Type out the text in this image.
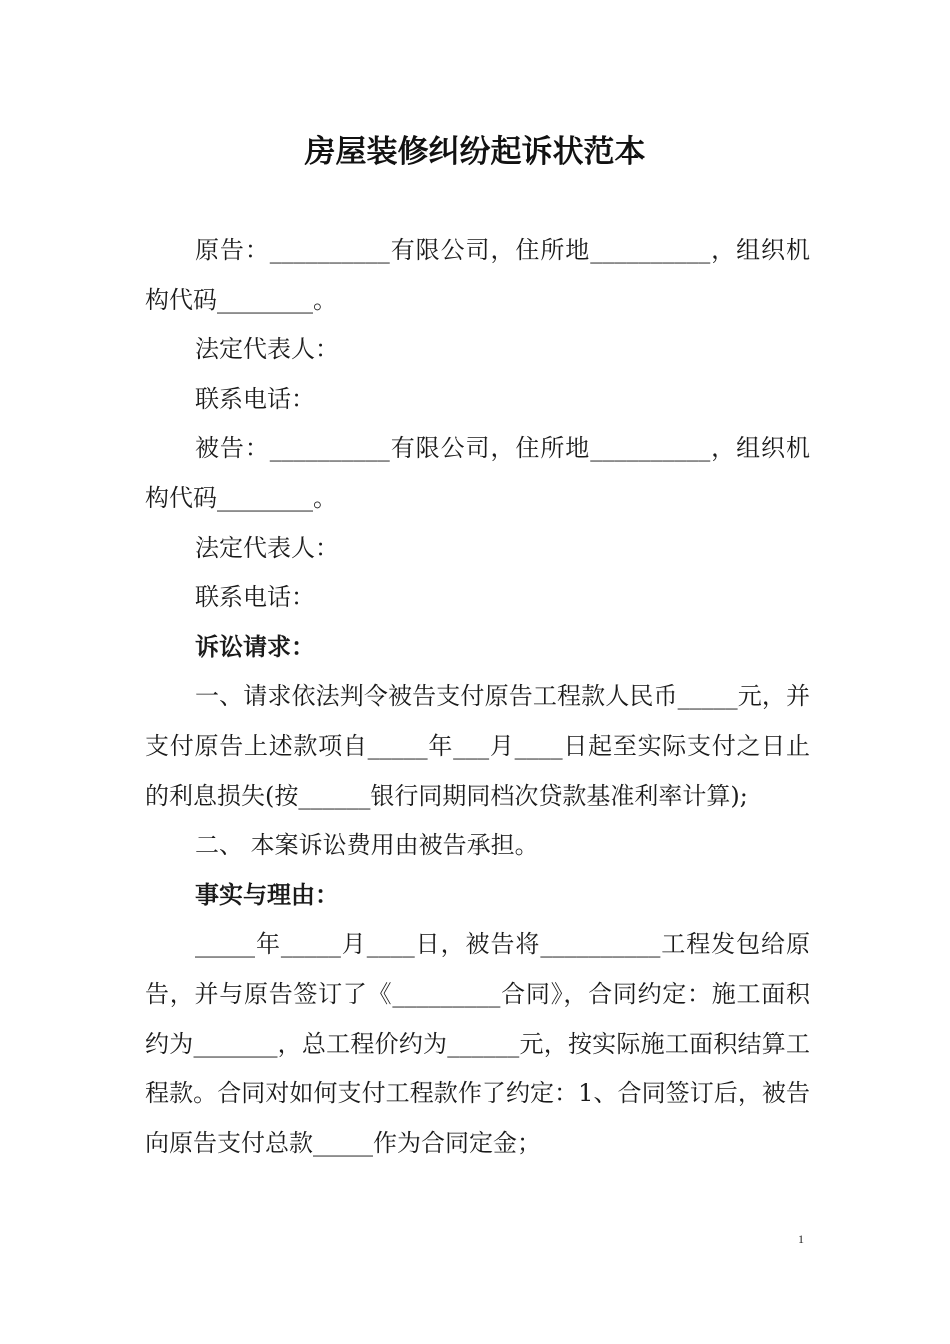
房屋装修纠纷起诉状范本

原告：__________有限公司，住所地__________，组织机构代码________。

法定代表人：

联系电话：

被告：__________有限公司，住所地__________，组织机构代码________。

法定代表人：

联系电话：

诉讼请求：

一、请求依法判令被告支付原告工程款人民币_____元，并支付原告上述款项自_____年___月____日起至实际支付之日止的利息损失(按______银行同期同档次贷款基准利率计算);

二、 本案诉讼费用由被告承担。

事实与理由：

_____年_____月____日，被告将__________工程发包给原告，并与原告签订了《_________合同》，合同约定：施工面积约为_______，总工程价约为______元，按实际施工面积结算工程款。合同对如何支付工程款作了约定：1、合同签订后，被告向原告支付总款_____作为合同定金；

1
